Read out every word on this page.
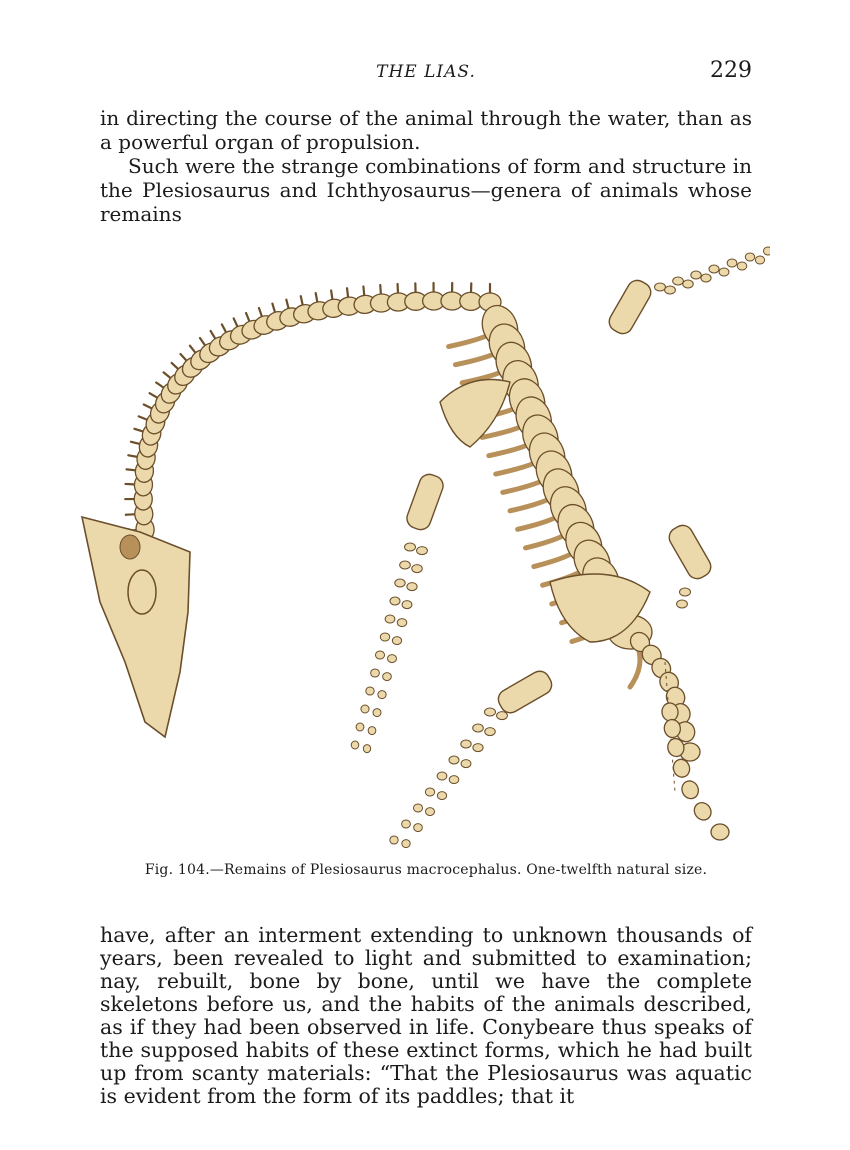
THE LIAS.	229

in directing the course of the animal through the water, than as a powerful organ of propulsion.

Such were the strange combinations of form and structure in the Plesiosaurus and Ichthyosaurus—genera of animals whose remains

Fig. 104.—Remains of Plesiosaurus macrocephalus. One-twelfth natural size.

have, after an interment extending to unknown thousands of years, been revealed to light and submitted to examination; nay, rebuilt, bone by bone, until we have the complete skeletons before us, and the habits of the animals described, as if they had been observed in life. Conybeare thus speaks of the supposed habits of these extinct forms, which he had built up from scanty materials: “That the Plesiosaurus was aquatic is evident from the form of its paddles; that it
